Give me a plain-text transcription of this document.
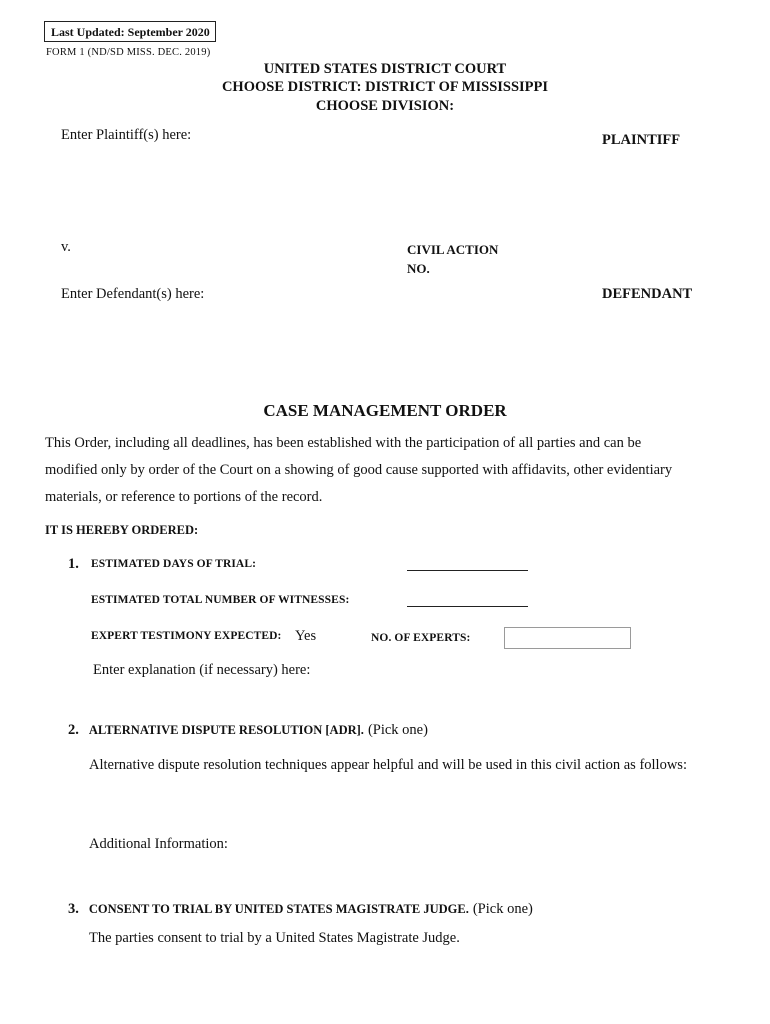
Last Updated: September 2020
FORM 1 (ND/SD MISS. DEC. 2019)
UNITED STATES DISTRICT COURT
CHOOSE DISTRICT: DISTRICT OF MISSISSIPPI
CHOOSE DIVISION:
Enter Plaintiff(s) here:	PLAINTIFF
v.	CIVIL ACTION
NO.
Enter Defendant(s) here:	DEFENDANT
CASE MANAGEMENT ORDER
This Order, including all deadlines, has been established with the participation of all parties and can be
modified only by order of the Court on a showing of good cause supported with affidavits, other evidentiary
materials, or reference to portions of the record.
IT IS HEREBY ORDERED:
1. ESTIMATED DAYS OF TRIAL:
ESTIMATED TOTAL NUMBER OF WITNESSES:
EXPERT TESTIMONY EXPECTED: Yes	NO. OF EXPERTS:
Enter explanation (if necessary) here:
2. ALTERNATIVE DISPUTE RESOLUTION [ADR]. (Pick one)
Alternative dispute resolution techniques appear helpful and will be used in this civil action as follows:
Additional Information:
3. CONSENT TO TRIAL BY UNITED STATES MAGISTRATE JUDGE. (Pick one)
The parties consent to trial by a United States Magistrate Judge.
